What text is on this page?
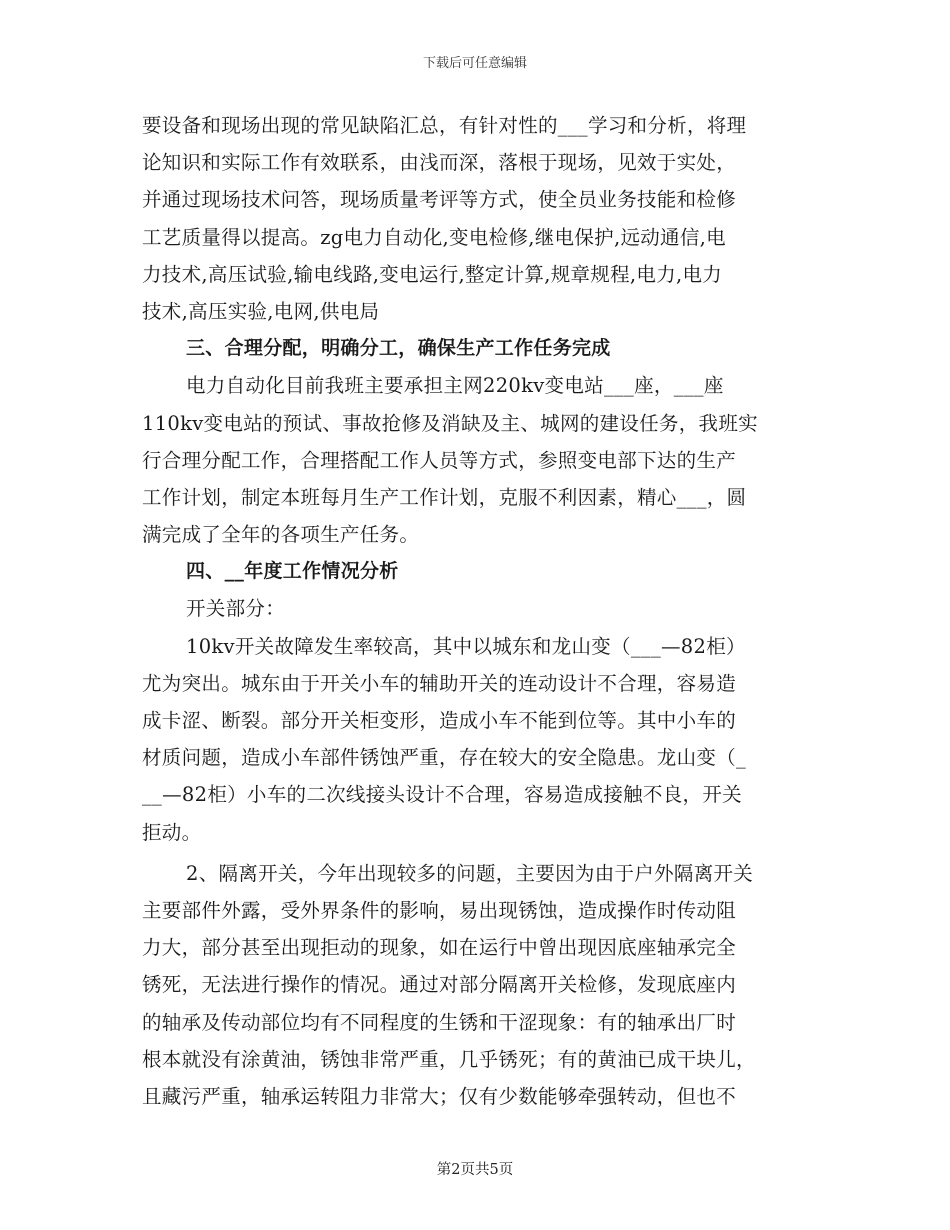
下载后可任意编辑
要设备和现场出现的常见缺陷汇总，有针对性的___学习和分析，将理
论知识和实际工作有效联系，由浅而深，落根于现场，见效于实处，
并通过现场技术问答，现场质量考评等方式，使全员业务技能和检修
工艺质量得以提高。zg电力自动化,变电检修,继电保护,远动通信,电
力技术,高压试验,输电线路,变电运行,整定计算,规章规程,电力,电力
技术,高压实验,电网,供电局
三、合理分配，明确分工，确保生产工作任务完成
电力自动化目前我班主要承担主网220kv变电站___座，___座
110kv变电站的预试、事故抢修及消缺及主、城网的建设任务，我班实
行合理分配工作，合理搭配工作人员等方式，参照变电部下达的生产
工作计划，制定本班每月生产工作计划，克服不利因素，精心___，圆
满完成了全年的各项生产任务。
四、__年度工作情况分析
开关部分：
10kv开关故障发生率较高，其中以城东和龙山变（___—82柜）
尤为突出。城东由于开关小车的辅助开关的连动设计不合理，容易造
成卡涩、断裂。部分开关柜变形，造成小车不能到位等。其中小车的
材质问题，造成小车部件锈蚀严重，存在较大的安全隐患。龙山变（_
__—82柜）小车的二次线接头设计不合理，容易造成接触不良，开关
拒动。
2、隔离开关，今年出现较多的问题，主要因为由于户外隔离开关
主要部件外露，受外界条件的影响，易出现锈蚀，造成操作时传动阻
力大，部分甚至出现拒动的现象，如在运行中曾出现因底座轴承完全
锈死，无法进行操作的情况。通过对部分隔离开关检修，发现底座内
的轴承及传动部位均有不同程度的生锈和干涩现象：有的轴承出厂时
根本就没有涂黄油，锈蚀非常严重，几乎锈死；有的黄油已成干块儿，
且藏污严重，轴承运转阻力非常大；仅有少数能够牵强转动，但也不
第2页共5页
